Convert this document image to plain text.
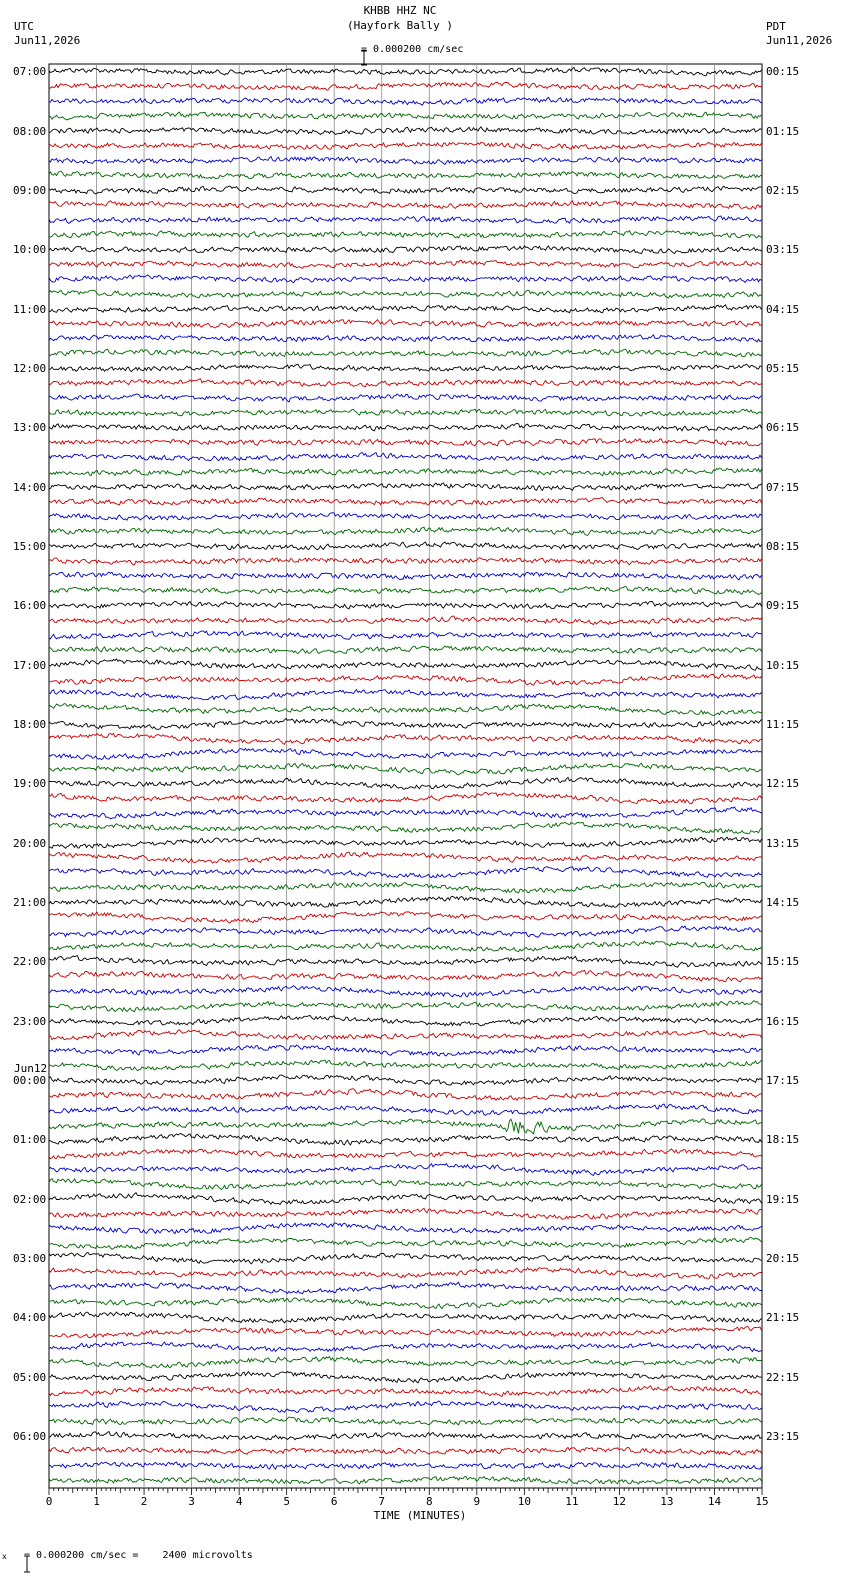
KHBB HHZ NC
(Hayfork Bally )

= 0.000200 cm/sec
UTC
Jun11,2026
PDT
Jun11,2026
07:00
08:00
09:00
10:00
11:00
12:00
13:00
14:00
15:00
16:00
17:00
18:00
19:00
20:00
21:00
22:00
23:00
00:00
01:00
02:00
03:00
04:00
05:00
06:00
00:15
01:15
02:15
03:15
04:15
05:15
06:15
07:15
08:15
09:15
10:15
11:15
12:15
13:15
14:15
15:15
16:15
17:15
18:15
19:15
20:15
21:15
22:15
23:15
0	1	2	3	4	5	6	7	8	9	10	11	12	13	14	15
Jun12
TIME (MINUTES)
x

= 0.000200 cm/sec =    2400 microvolts
